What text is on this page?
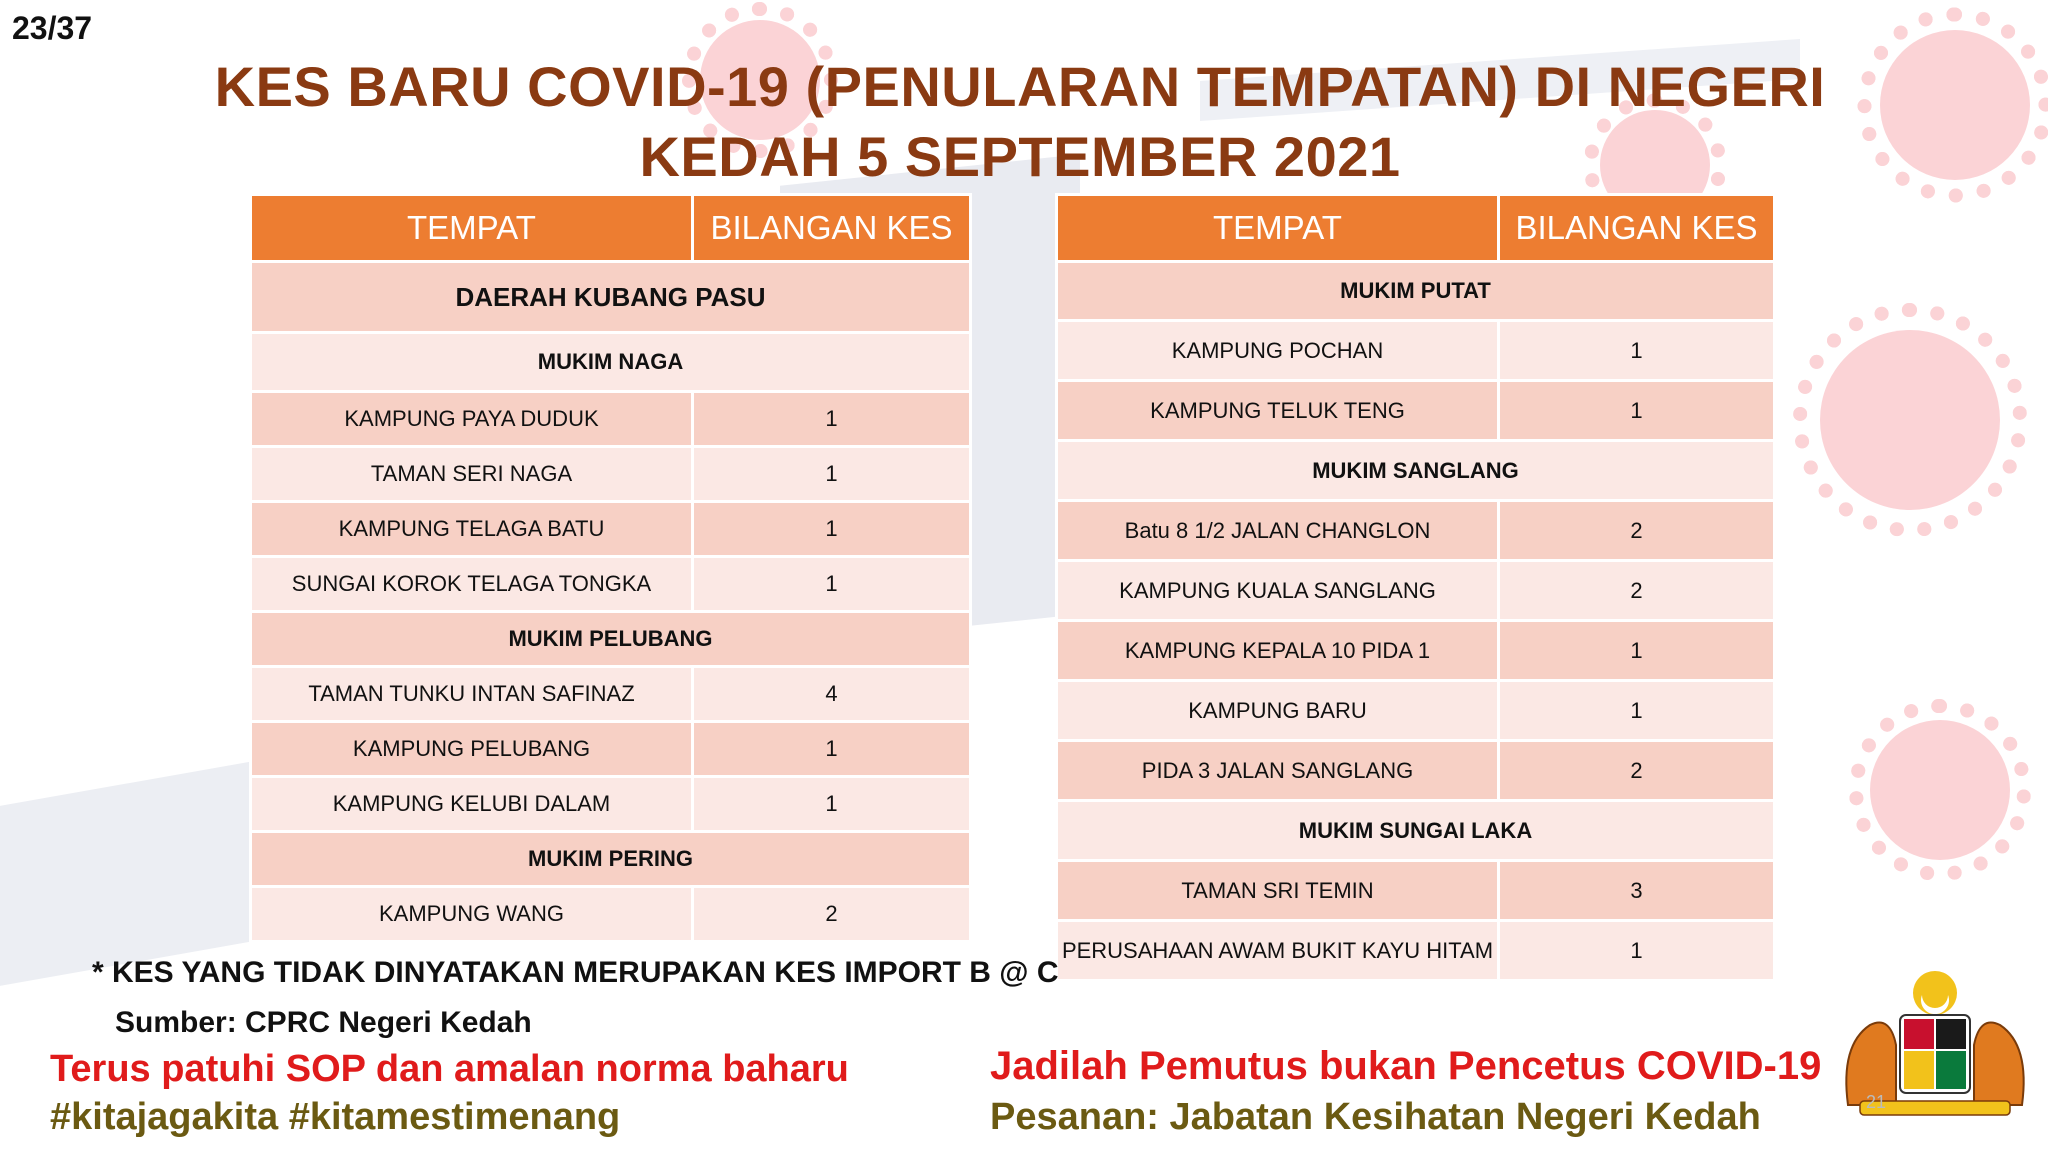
23/37
KES BARU COVID-19 (PENULARAN TEMPATAN) DI NEGERI
KEDAH 5 SEPTEMBER 2021
TEMPAT	BILANGAN KES
DAERAH KUBANG PASU	
MUKIM NAGA	
KAMPUNG PAYA DUDUK	1
TAMAN SERI NAGA	1
KAMPUNG TELAGA BATU	1
SUNGAI KOROK TELAGA TONGKA	1
MUKIM PELUBANG	
TAMAN TUNKU INTAN SAFINAZ	4
KAMPUNG PELUBANG	1
KAMPUNG KELUBI DALAM	1
MUKIM PERING	
KAMPUNG WANG	2
TEMPAT	BILANGAN KES
MUKIM PUTAT	
KAMPUNG POCHAN	1
KAMPUNG TELUK TENG	1
MUKIM SANGLANG	
Batu 8 1/2 JALAN CHANGLON	2
KAMPUNG KUALA SANGLANG	2
KAMPUNG KEPALA 10 PIDA 1	1
KAMPUNG BARU	1
PIDA 3 JALAN SANGLANG	2
MUKIM SUNGAI LAKA	
TAMAN SRI TEMIN	3
PERUSAHAAN AWAM BUKIT KAYU HITAM	1
* KES YANG TIDAK DINYATAKAN MERUPAKAN KES IMPORT B @ C
Sumber: CPRC Negeri Kedah
Terus patuhi SOP dan amalan norma baharu
#kitajagakita #kitamestimenang
Jadilah Pemutus bukan Pencetus COVID-19
Pesanan: Jabatan Kesihatan Negeri Kedah	21
